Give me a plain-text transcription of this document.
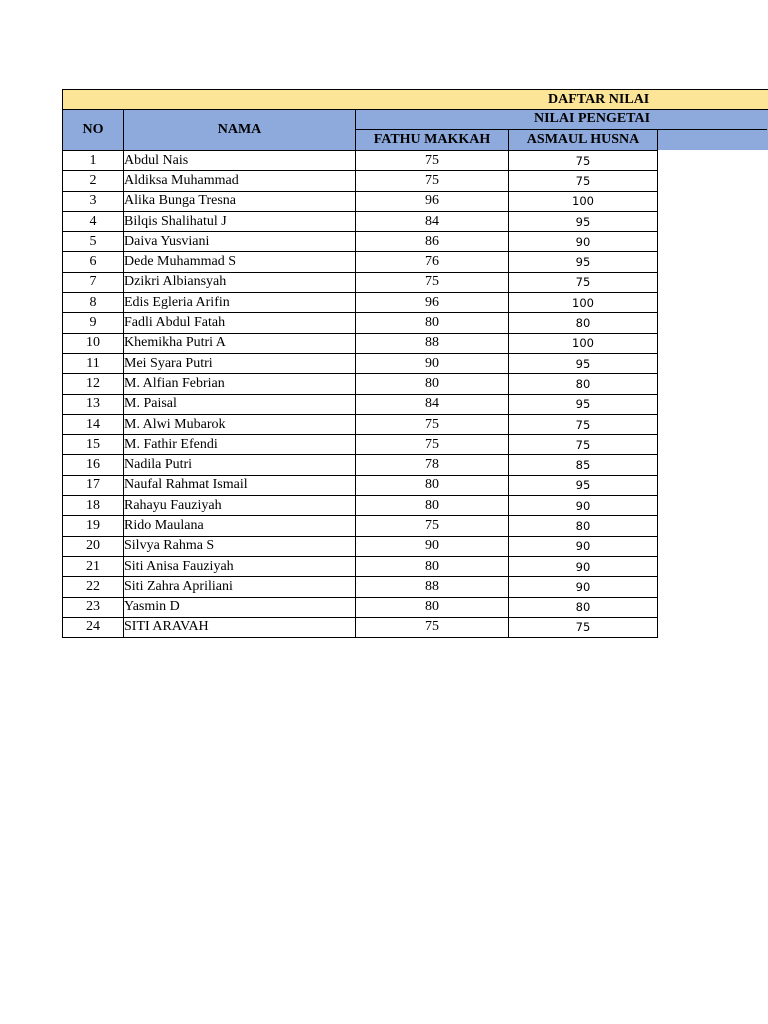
DAFTAR NILAI
NO	NAMA
NILAI PENGETAI
FATHU MAKKAH	ASMAUL HUSNA
1	Abdul Nais	75	75
2	Aldiksa Muhammad	75	75
3	Alika Bunga Tresna	96	100
4	Bilqis Shalihatul J	84	95
5	Daiva Yusviani	86	90
6	Dede Muhammad S	76	95
7	Dzikri Albiansyah	75	75
8	Edis Egleria Arifin	96	100
9	Fadli Abdul Fatah	80	80
10	Khemikha Putri A	88	100
11	Mei Syara Putri	90	95
12	M. Alfian Febrian	80	80
13	M. Paisal	84	95
14	M. Alwi Mubarok	75	75
15	M. Fathir Efendi	75	75
16	Nadila Putri	78	85
17	Naufal Rahmat Ismail	80	95
18	Rahayu Fauziyah	80	90
19	Rido Maulana	75	80
20	Silvya Rahma S	90	90
21	Siti Anisa Fauziyah	80	90
22	Siti Zahra Apriliani	88	90
23	Yasmin D	80	80
24	SITI ARAVAH	75	75
